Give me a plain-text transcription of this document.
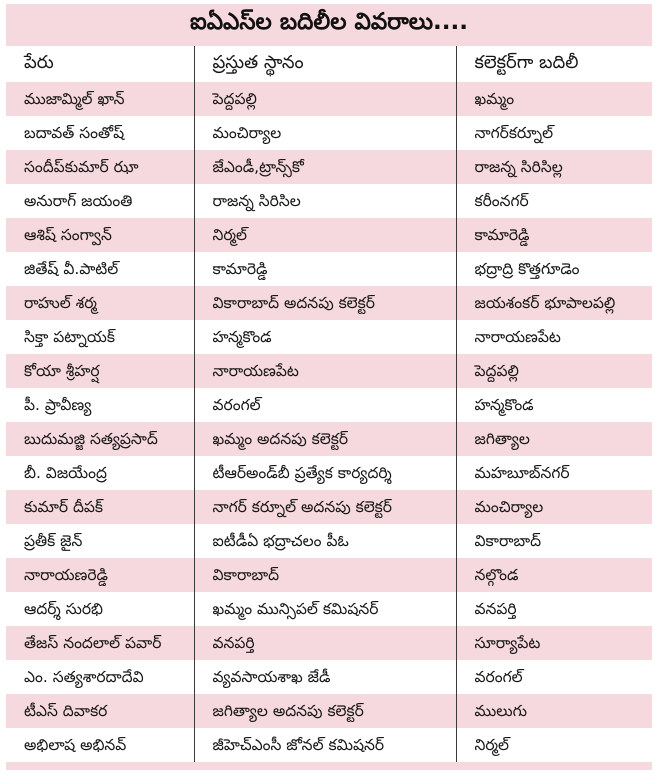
ఐఏఎస్‌ల బదిలీల వివరాలు....
పేరు	ప్రస్తుత స్థానం	కలెక్టర్‌గా బదిలీ
ముజామ్మిల్ ఖాన్	పెద్దపల్లి	ఖమ్మం
బదావత్ సంతోష్	మంచిర్యాల	నాగర్‌కర్నూల్
సందీప్‌కుమార్ ఝా	జేఎండీ,ట్రాన్స్‌కో	రాజన్న సిరిసిల్ల
అనురాగ్ జయంతి	రాజన్న సిరిసిల	కరీంనగర్
ఆశిష్ సంగ్వాన్	నిర్మల్	కామారెడ్డి
జితేష్ వీ.పాటిల్	కామారెడ్డి	భద్రాద్రి కొత్తగూడెం
రాహుల్ శర్మ	వికారాబాద్ అదనపు కలెక్టర్	జయశంకర్ భూపాలపల్లి
సిక్తా పట్నాయక్	హన్మకొండ	నారాయణపేట
కోయా శ్రీహర్ష	నారాయణపేట	పెద్దపల్లి
పీ. ప్రావీణ్య	వరంగల్	హన్మకొండ
బుదుమజ్జి సత్యప్రసాద్	ఖమ్మం అదనపు కలెక్టర్	జగిత్యాల
బీ. విజయేంద్ర	టీఆర్అండ్‌బీ ప్రత్యేక కార్యదర్శి	మహబూబ్‌నగర్
కుమార్ దీపక్	నాగర్ కర్నూల్ అదనపు కలెక్టర్	మంచిర్యాల
ప్రతీక్ జైన్	ఐటీడీఏ భద్రాచలం పీఓ	వికారాబాద్
నారాయణరెడ్డి	వికారాబాద్	నల్గొండ
ఆదర్శ్ సురభి	ఖమ్మం మున్సిపల్ కమిషనర్	వనపర్తి
తేజస్ నందలాల్ పవార్	వనపర్తి	సూర్యాపేట
ఎం. సత్యశారదాదేవి	వ్యవసాయశాఖ జేడీ	వరంగల్
టీఎస్ దివాకర	జగిత్యాల అదనపు కలెక్టర్	ములుగు
అభిలాష అభినవ్	జీహెచ్ఎంసీ జోనల్ కమిషనర్	నిర్మల్
